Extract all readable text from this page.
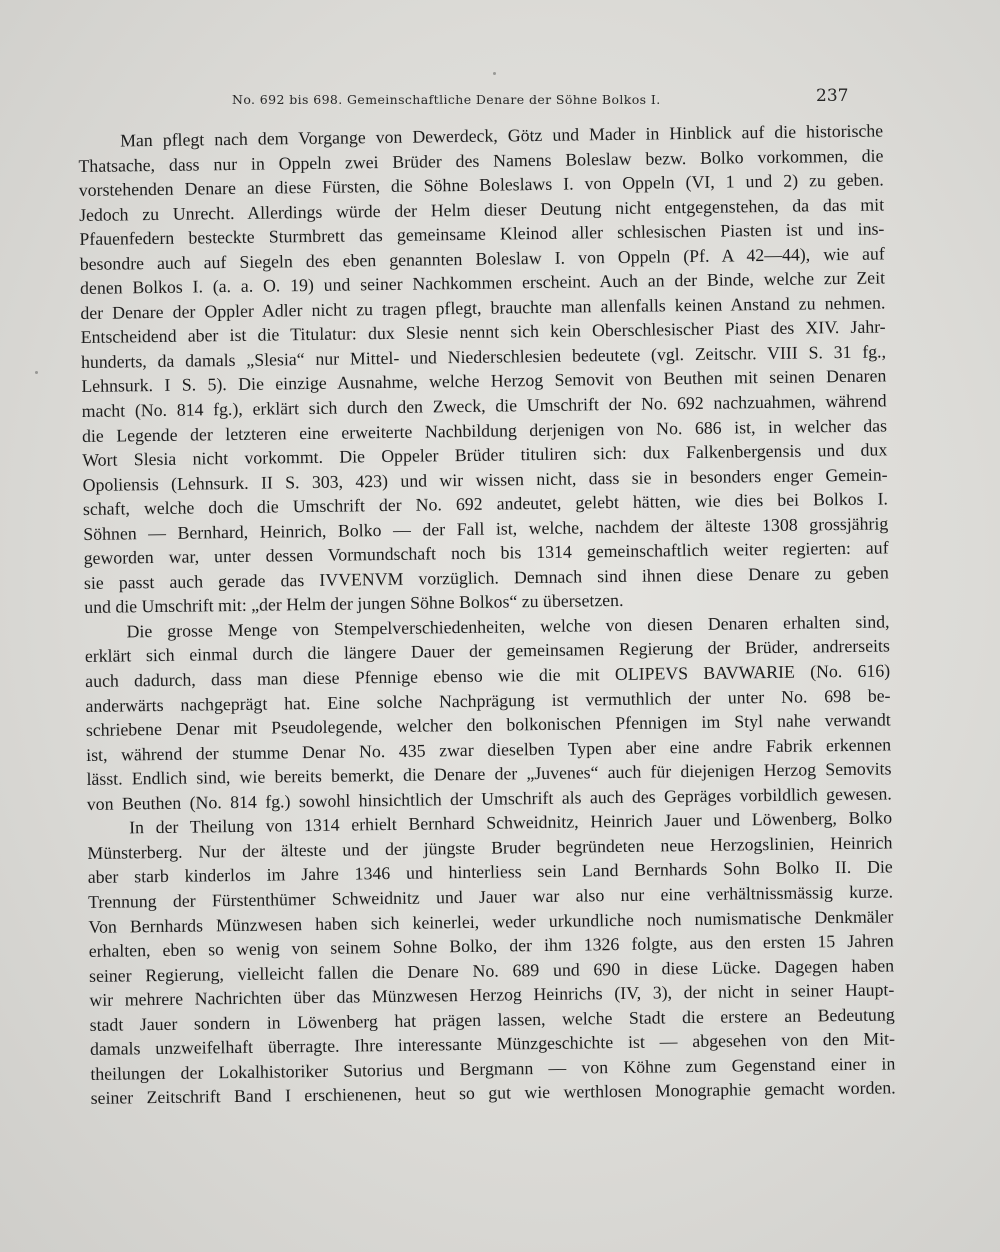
No. 692 bis 698. Gemeinschaftliche Denare der Söhne Bolkos I.	237
Man pflegt nach dem Vorgange von Dewerdeck, Götz und Mader in Hinblick auf die historische
Thatsache, dass nur in Oppeln zwei Brüder des Namens Boleslaw bezw. Bolko vorkommen, die
vorstehenden Denare an diese Fürsten, die Söhne Boleslaws I. von Oppeln (VI, 1 und 2) zu geben.
Jedoch zu Unrecht. Allerdings würde der Helm dieser Deutung nicht entgegenstehen, da das mit
Pfauenfedern besteckte Sturmbrett das gemeinsame Kleinod aller schlesischen Piasten ist und ins-
besondre auch auf Siegeln des eben genannten Boleslaw I. von Oppeln (Pf. A 42—44), wie auf
denen Bolkos I. (a. a. O. 19) und seiner Nachkommen erscheint. Auch an der Binde, welche zur Zeit
der Denare der Oppler Adler nicht zu tragen pflegt, brauchte man allenfalls keinen Anstand zu nehmen.
Entscheidend aber ist die Titulatur: dux Slesie nennt sich kein Oberschlesischer Piast des XIV. Jahr-
hunderts, da damals „Slesia“ nur Mittel- und Niederschlesien bedeutete (vgl. Zeitschr. VIII S. 31 fg.,
Lehnsurk. I S. 5). Die einzige Ausnahme, welche Herzog Semovit von Beuthen mit seinen Denaren
macht (No. 814 fg.), erklärt sich durch den Zweck, die Umschrift der No. 692 nachzuahmen, während
die Legende der letzteren eine erweiterte Nachbildung derjenigen von No. 686 ist, in welcher das
Wort Slesia nicht vorkommt. Die Oppeler Brüder tituliren sich: dux Falkenbergensis und dux
Opoliensis (Lehnsurk. II S. 303, 423) und wir wissen nicht, dass sie in besonders enger Gemein-
schaft, welche doch die Umschrift der No. 692 andeutet, gelebt hätten, wie dies bei Bolkos I.
Söhnen — Bernhard, Heinrich, Bolko — der Fall ist, welche, nachdem der älteste 1308 grossjährig
geworden war, unter dessen Vormundschaft noch bis 1314 gemeinschaftlich weiter regierten: auf
sie passt auch gerade das IVVENVM vorzüglich. Demnach sind ihnen diese Denare zu geben
und die Umschrift mit: „der Helm der jungen Söhne Bolkos“ zu übersetzen.
Die grosse Menge von Stempelverschiedenheiten, welche von diesen Denaren erhalten sind,
erklärt sich einmal durch die längere Dauer der gemeinsamen Regierung der Brüder, andrerseits
auch dadurch, dass man diese Pfennige ebenso wie die mit OLIPEVS BAVWARIE (No. 616)
anderwärts nachgeprägt hat. Eine solche Nachprägung ist vermuthlich der unter No. 698 be-
schriebene Denar mit Pseudolegende, welcher den bolkonischen Pfennigen im Styl nahe verwandt
ist, während der stumme Denar No. 435 zwar dieselben Typen aber eine andre Fabrik erkennen
lässt. Endlich sind, wie bereits bemerkt, die Denare der „Juvenes“ auch für diejenigen Herzog Semovits
von Beuthen (No. 814 fg.) sowohl hinsichtlich der Umschrift als auch des Gepräges vorbildlich gewesen.
In der Theilung von 1314 erhielt Bernhard Schweidnitz, Heinrich Jauer und Löwenberg, Bolko
Münsterberg. Nur der älteste und der jüngste Bruder begründeten neue Herzogslinien, Heinrich
aber starb kinderlos im Jahre 1346 und hinterliess sein Land Bernhards Sohn Bolko II. Die
Trennung der Fürstenthümer Schweidnitz und Jauer war also nur eine verhältnissmässig kurze.
Von Bernhards Münzwesen haben sich keinerlei, weder urkundliche noch numismatische Denkmäler
erhalten, eben so wenig von seinem Sohne Bolko, der ihm 1326 folgte, aus den ersten 15 Jahren
seiner Regierung, vielleicht fallen die Denare No. 689 und 690 in diese Lücke. Dagegen haben
wir mehrere Nachrichten über das Münzwesen Herzog Heinrichs (IV, 3), der nicht in seiner Haupt-
stadt Jauer sondern in Löwenberg hat prägen lassen, welche Stadt die erstere an Bedeutung
damals unzweifelhaft überragte. Ihre interessante Münzgeschichte ist — abgesehen von den Mit-
theilungen der Lokalhistoriker Sutorius und Bergmann — von Köhne zum Gegenstand einer in
seiner Zeitschrift Band I erschienenen, heut so gut wie werthlosen Monographie gemacht worden.
